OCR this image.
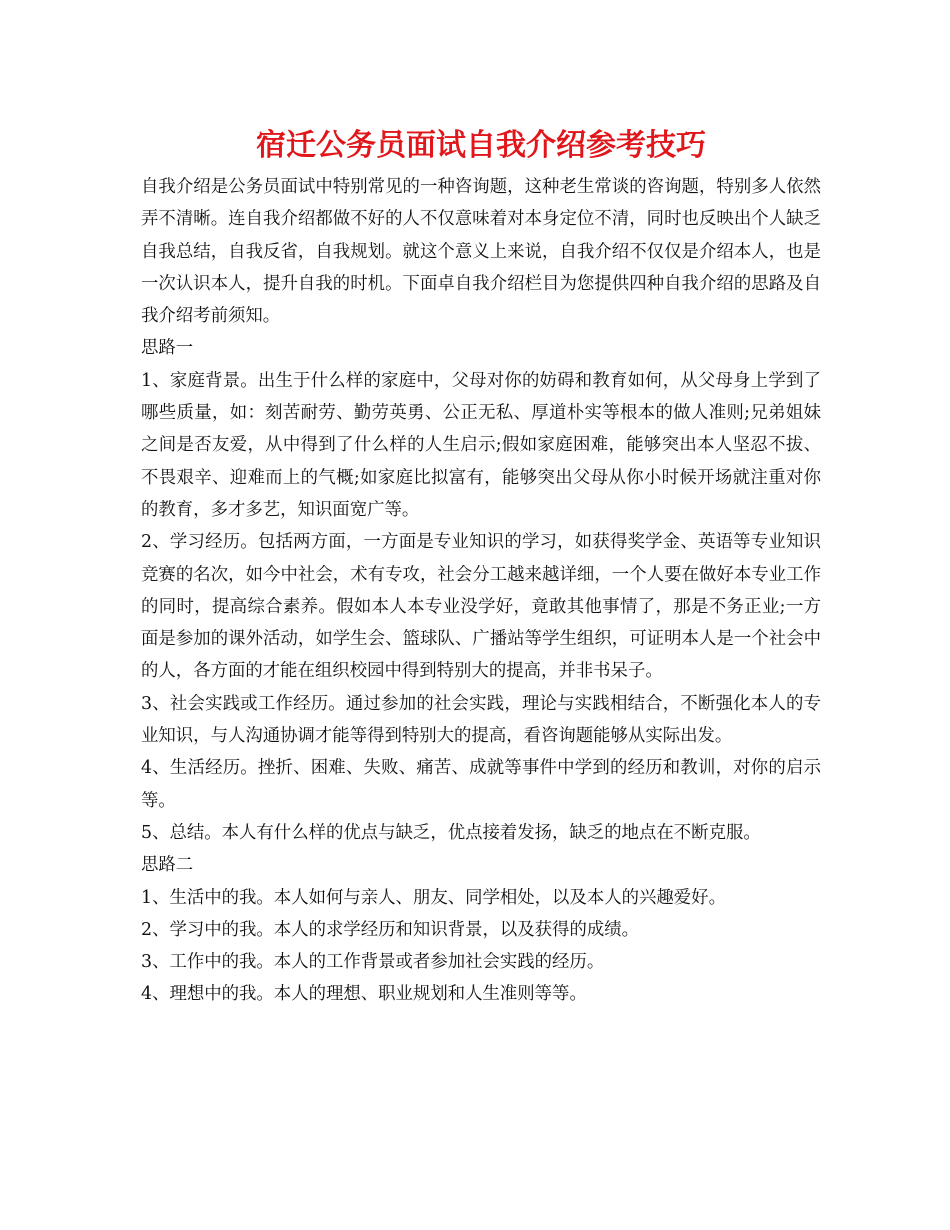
宿迁公务员面试自我介绍参考技巧

自我介绍是公务员面试中特别常见的一种咨询题，这种老生常谈的咨询题，特别多人依然弄不清晰。连自我介绍都做不好的人不仅意味着对本身定位不清，同时也反映出个人缺乏自我总结，自我反省，自我规划。就这个意义上来说，自我介绍不仅仅是介绍本人，也是一次认识本人，提升自我的时机。下面卓自我介绍栏目为您提供四种自我介绍的思路及自我介绍考前须知。

思路一

1、家庭背景。出生于什么样的家庭中，父母对你的妨碍和教育如何，从父母身上学到了哪些质量，如：刻苦耐劳、勤劳英勇、公正无私、厚道朴实等根本的做人准则;兄弟姐妹之间是否友爱，从中得到了什么样的人生启示;假如家庭困难，能够突出本人坚忍不拔、不畏艰辛、迎难而上的气概;如家庭比拟富有，能够突出父母从你小时候开场就注重对你的教育，多才多艺，知识面宽广等。

2、学习经历。包括两方面，一方面是专业知识的学习，如获得奖学金、英语等专业知识竞赛的名次，如今中社会，术有专攻，社会分工越来越详细，一个人要在做好本专业工作的同时，提高综合素养。假如本人本专业没学好，竟敢其他事情了，那是不务正业;一方面是参加的课外活动，如学生会、篮球队、广播站等学生组织，可证明本人是一个社会中的人，各方面的才能在组织校园中得到特别大的提高，并非书呆子。

3、社会实践或工作经历。通过参加的社会实践，理论与实践相结合，不断强化本人的专业知识，与人沟通协调才能等得到特别大的提高，看咨询题能够从实际出发。

4、生活经历。挫折、困难、失败、痛苦、成就等事件中学到的经历和教训，对你的启示等。

5、总结。本人有什么样的优点与缺乏，优点接着发扬，缺乏的地点在不断克服。

思路二

1、生活中的我。本人如何与亲人、朋友、同学相处，以及本人的兴趣爱好。

2、学习中的我。本人的求学经历和知识背景，以及获得的成绩。

3、工作中的我。本人的工作背景或者参加社会实践的经历。

4、理想中的我。本人的理想、职业规划和人生准则等等。
